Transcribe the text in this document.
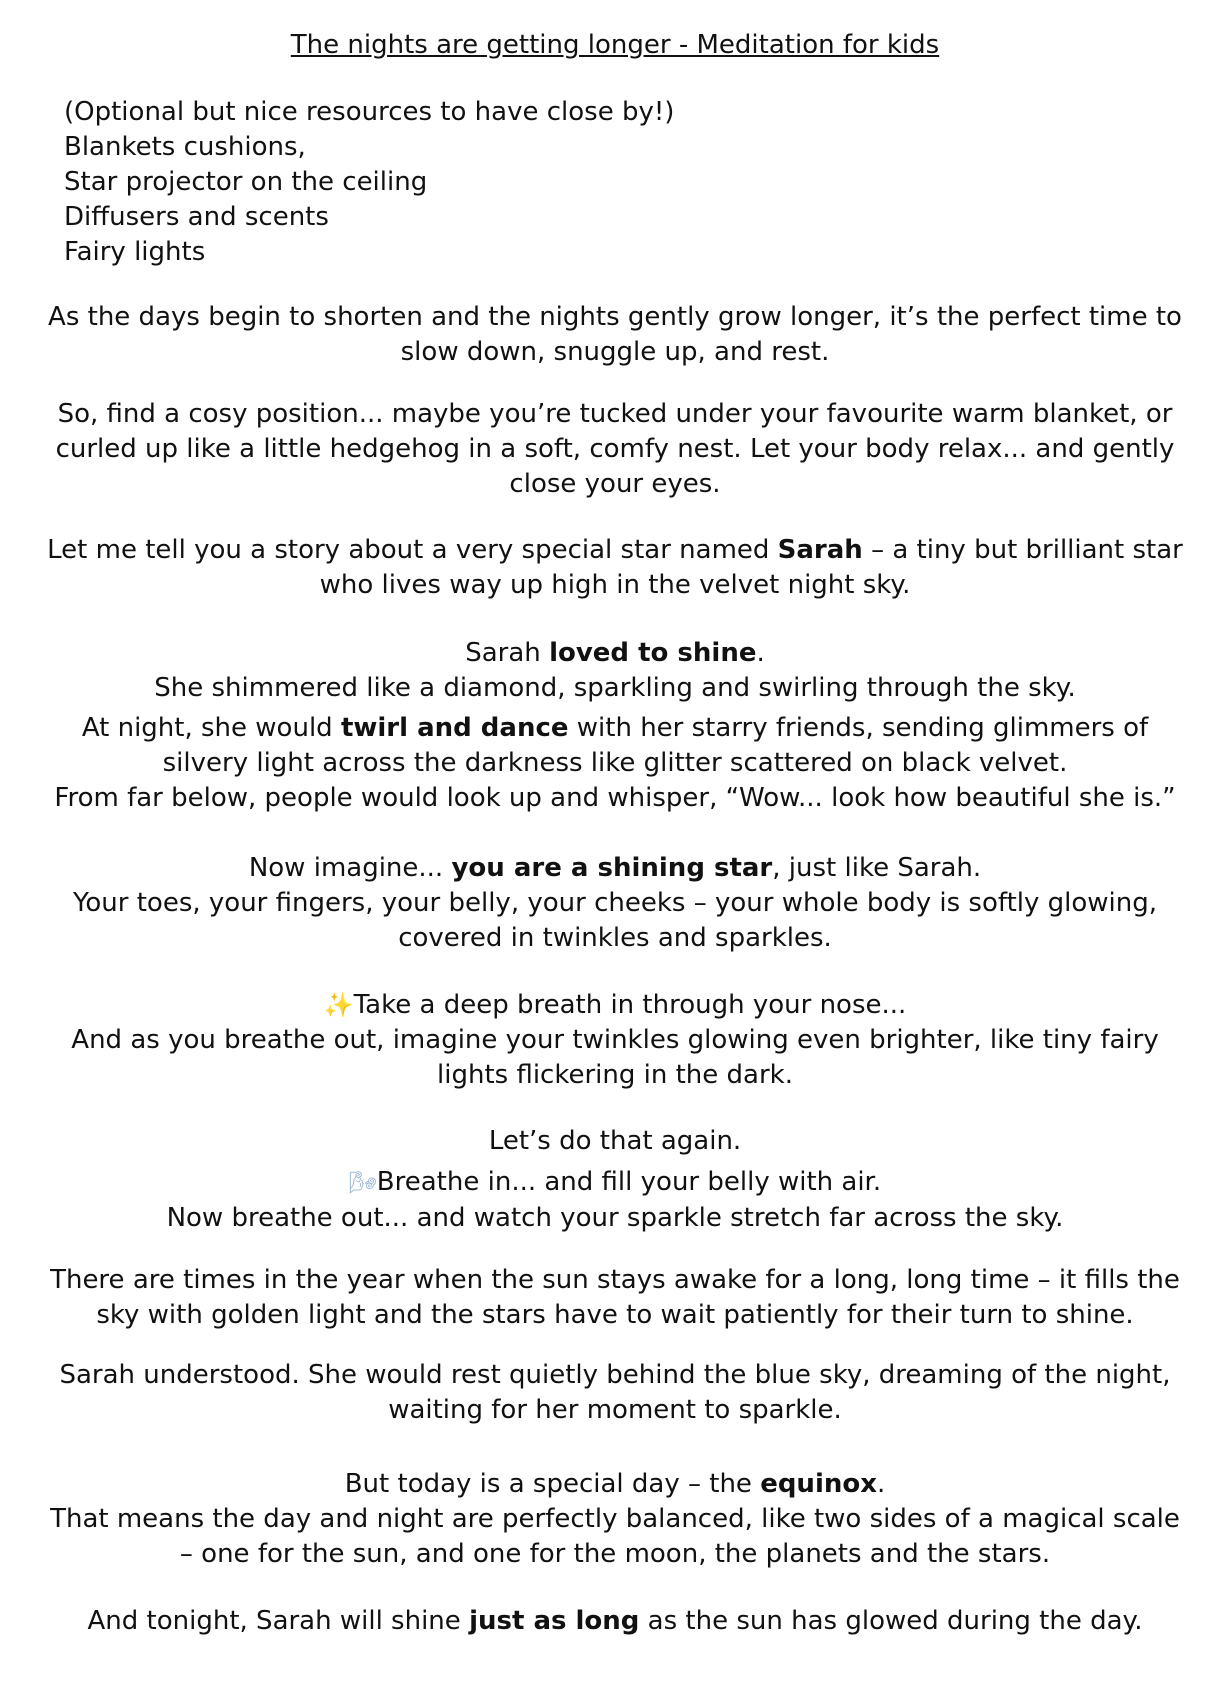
The nights are getting longer - Meditation for kids
(Optional but nice resources to have close by!)
Blankets cushions,
Star projector on the ceiling
Diffusers and scents
Fairy lights
As the days begin to shorten and the nights gently grow longer, it’s the perfect time to
slow down, snuggle up, and rest.
So, find a cosy position... maybe you’re tucked under your favourite warm blanket, or
curled up like a little hedgehog in a soft, comfy nest. Let your body relax... and gently
close your eyes.
Let me tell you a story about a very special star named Sarah – a tiny but brilliant star
who lives way up high in the velvet night sky.
Sarah loved to shine.
She shimmered like a diamond, sparkling and swirling through the sky.
At night, she would twirl and dance with her starry friends, sending glimmers of
silvery light across the darkness like glitter scattered on black velvet.
From far below, people would look up and whisper, “Wow... look how beautiful she is.”
Now imagine... you are a shining star, just like Sarah.
Your toes, your fingers, your belly, your cheeks – your whole body is softly glowing,
covered in twinkles and sparkles.
✨Take a deep breath in through your nose...
And as you breathe out, imagine your twinkles glowing even brighter, like tiny fairy
lights flickering in the dark.
Let’s do that again.
🌬Breathe in... and fill your belly with air.
Now breathe out... and watch your sparkle stretch far across the sky.
There are times in the year when the sun stays awake for a long, long time – it fills the
sky with golden light and the stars have to wait patiently for their turn to shine.
Sarah understood. She would rest quietly behind the blue sky, dreaming of the night,
waiting for her moment to sparkle.
But today is a special day – the equinox.
That means the day and night are perfectly balanced, like two sides of a magical scale
– one for the sun, and one for the moon, the planets and the stars.
And tonight, Sarah will shine just as long as the sun has glowed during the day.
